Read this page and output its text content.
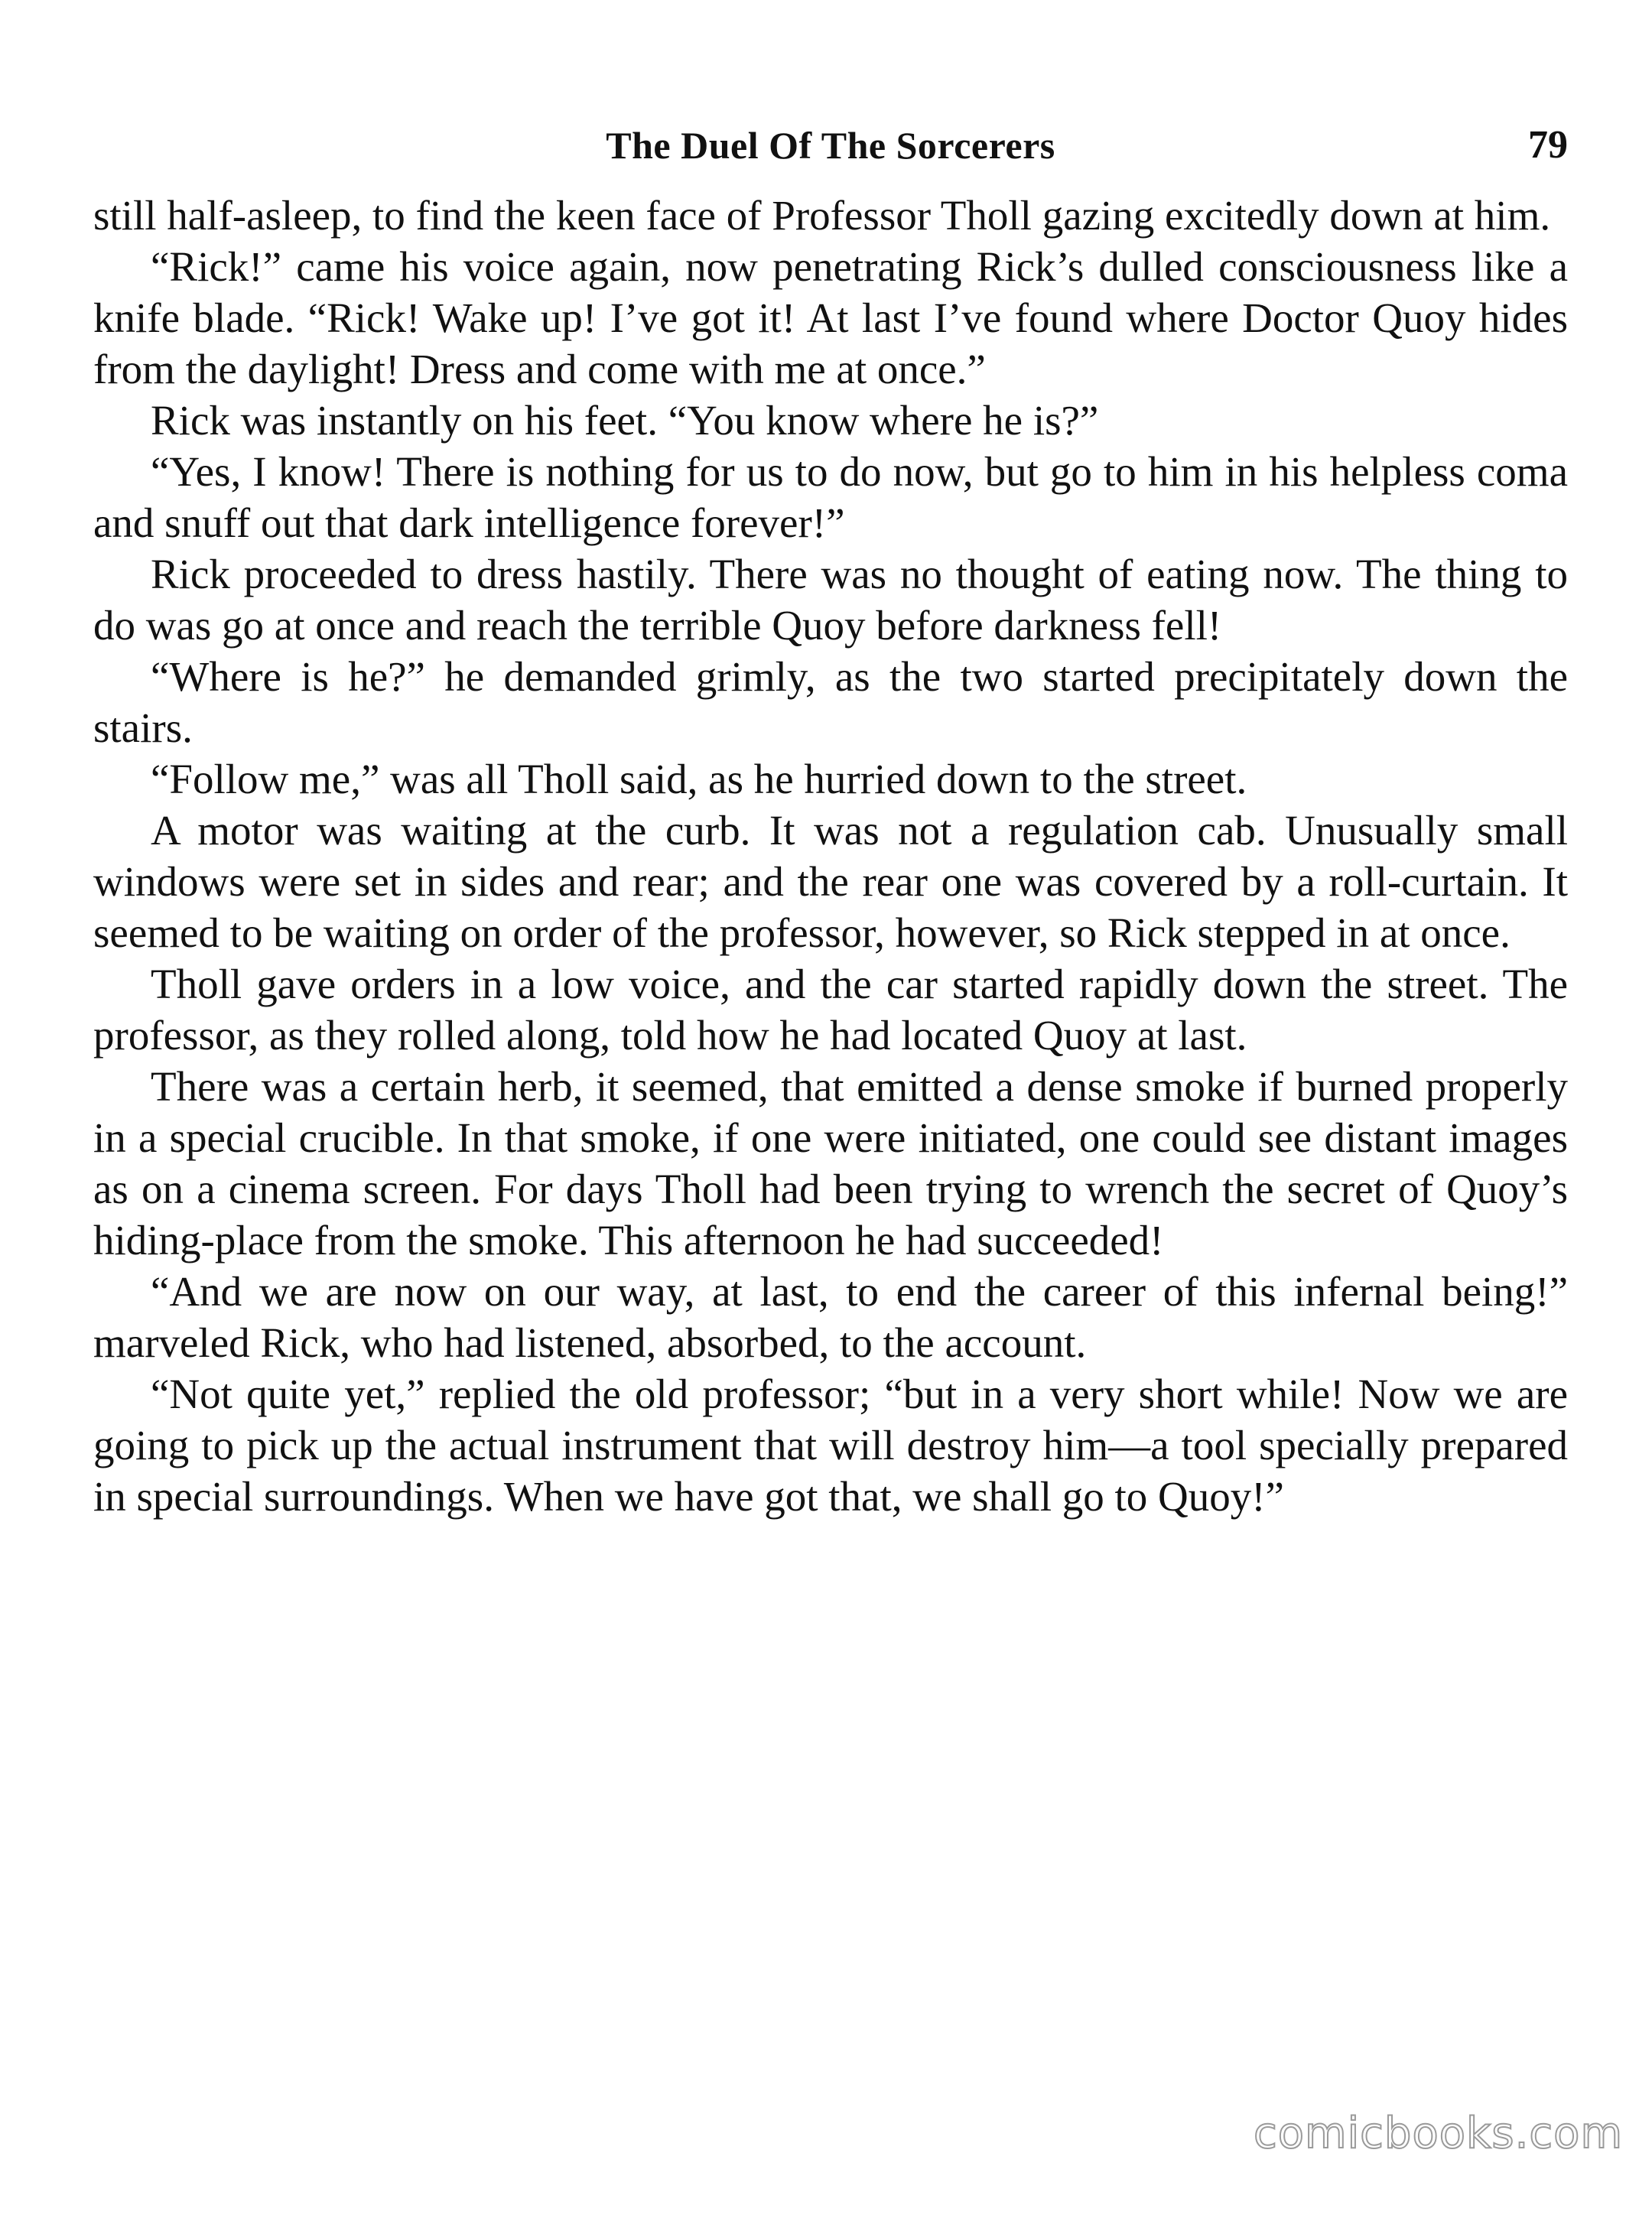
The Duel Of The Sorcerers	79

still half-asleep, to find the keen face of Professor Tholl gazing excitedly down at him.

“Rick!” came his voice again, now penetrating Rick’s dulled consciousness like a knife blade. “Rick! Wake up! I’ve got it! At last I’ve found where Doctor Quoy hides from the daylight! Dress and come with me at once.”

Rick was instantly on his feet. “You know where he is?”

“Yes, I know! There is nothing for us to do now, but go to him in his helpless coma and snuff out that dark intelligence forever!”

Rick proceeded to dress hastily. There was no thought of eating now. The thing to do was go at once and reach the terrible Quoy before darkness fell!

“Where is he?” he demanded grimly, as the two started precipitately down the stairs.

“Follow me,” was all Tholl said, as he hurried down to the street.

A motor was waiting at the curb. It was not a regulation cab. Unusually small windows were set in sides and rear; and the rear one was covered by a roll-curtain. It seemed to be waiting on order of the professor, however, so Rick stepped in at once.

Tholl gave orders in a low voice, and the car started rapidly down the street. The professor, as they rolled along, told how he had located Quoy at last.

There was a certain herb, it seemed, that emitted a dense smoke if burned properly in a special crucible. In that smoke, if one were initiated, one could see distant images as on a cinema screen. For days Tholl had been trying to wrench the secret of Quoy’s hiding-place from the smoke. This afternoon he had succeeded!

“And we are now on our way, at last, to end the career of this infernal being!” marveled Rick, who had listened, absorbed, to the account.

“Not quite yet,” replied the old professor; “but in a very short while! Now we are going to pick up the actual instrument that will destroy him—a tool specially prepared in special surroundings. When we have got that, we shall go to Quoy!”

comicbooks.com
